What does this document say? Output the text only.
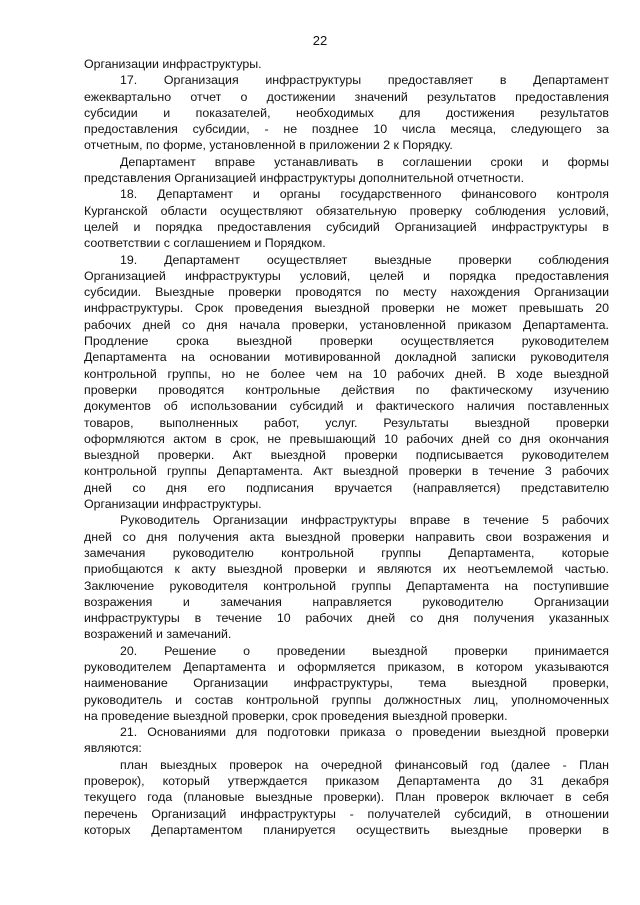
22
Организации инфраструктуры.
17. Организация инфраструктуры предоставляет в Департамент
ежеквартально отчет о достижении значений результатов предоставления
субсидии и показателей, необходимых для достижения результатов
предоставления субсидии, - не позднее 10 числа месяца, следующего за
отчетным, по форме, установленной в приложении 2 к Порядку.
Департамент вправе устанавливать в соглашении сроки и формы
представления Организацией инфраструктуры дополнительной отчетности.
18. Департамент и органы государственного финансового контроля
Курганской области осуществляют обязательную проверку соблюдения условий,
целей и порядка предоставления субсидий Организацией инфраструктуры в
соответствии с соглашением и Порядком.
19. Департамент осуществляет выездные проверки соблюдения
Организацией инфраструктуры условий, целей и порядка предоставления
субсидии. Выездные проверки проводятся по месту нахождения Организации
инфраструктуры. Срок проведения выездной проверки не может превышать 20
рабочих дней со дня начала проверки, установленной приказом Департамента.
Продление срока выездной проверки осуществляется руководителем
Департамента на основании мотивированной докладной записки руководителя
контрольной группы, но не более чем на 10 рабочих дней. В ходе выездной
проверки проводятся контрольные действия по фактическому изучению
документов об использовании субсидий и фактического наличия поставленных
товаров, выполненных работ, услуг. Результаты выездной проверки
оформляются актом в срок, не превышающий 10 рабочих дней со дня окончания
выездной проверки. Акт выездной проверки подписывается руководителем
контрольной группы Департамента. Акт выездной проверки в течение 3 рабочих
дней со дня его подписания вручается (направляется) представителю
Организации инфраструктуры.
Руководитель Организации инфраструктуры вправе в течение 5 рабочих
дней со дня получения акта выездной проверки направить свои возражения и
замечания руководителю контрольной группы Департамента, которые
приобщаются к акту выездной проверки и являются их неотъемлемой частью.
Заключение руководителя контрольной группы Департамента на поступившие
возражения и замечания направляется руководителю Организации
инфраструктуры в течение 10 рабочих дней со дня получения указанных
возражений и замечаний.
20. Решение о проведении выездной проверки принимается
руководителем Департамента и оформляется приказом, в котором указываются
наименование Организации инфраструктуры, тема выездной проверки,
руководитель и состав контрольной группы должностных лиц, уполномоченных
на проведение выездной проверки, срок проведения выездной проверки.
21. Основаниями для подготовки приказа о проведении выездной проверки
являются:
план выездных проверок на очередной финансовый год (далее - План
проверок), который утверждается приказом Департамента до 31 декабря
текущего года (плановые выездные проверки). План проверок включает в себя
перечень Организаций инфраструктуры - получателей субсидий, в отношении
которых Департаментом планируется осуществить выездные проверки в
